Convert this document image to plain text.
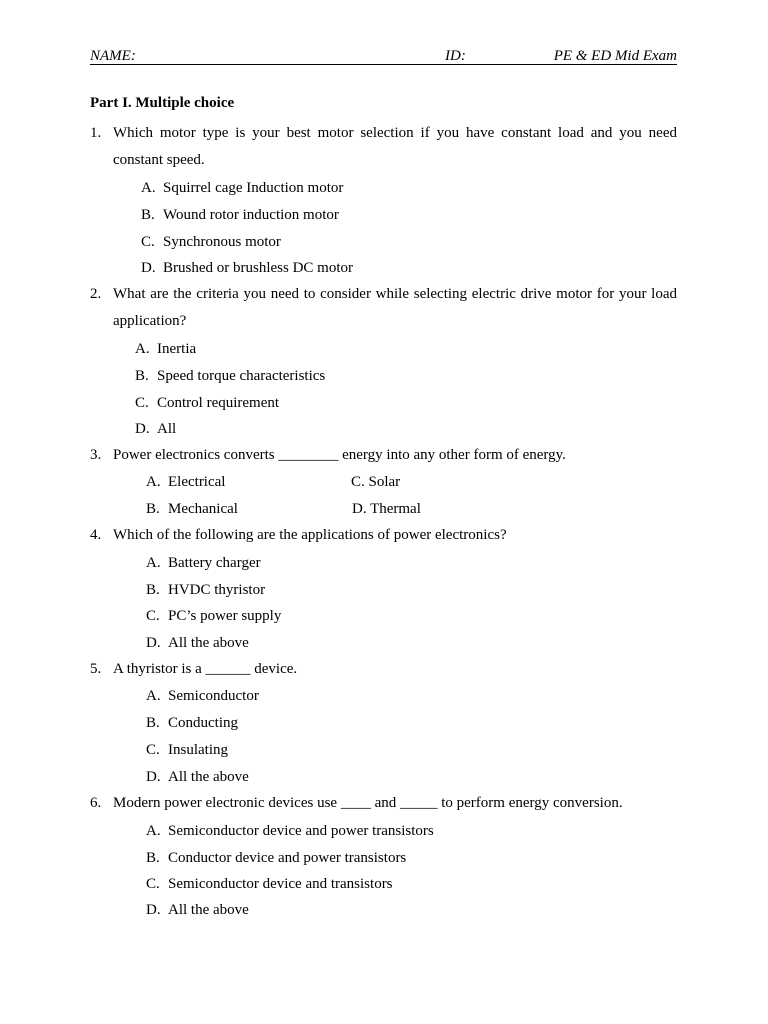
NAME:	ID:	PE & ED Mid Exam
Part I. Multiple choice
1. Which motor type is your best motor selection if you have constant load and you need constant speed.
A. Squirrel cage Induction motor
B. Wound rotor induction motor
C. Synchronous motor
D. Brushed or brushless DC motor
2. What are the criteria you need to consider while selecting electric drive motor for your load application?
A. Inertia
B. Speed torque characteristics
C. Control requirement
D. All
3. Power electronics converts ________ energy into any other form of energy.
A. Electrical	C. Solar
B. Mechanical	D. Thermal
4. Which of the following are the applications of power electronics?
A. Battery charger
B. HVDC thyristor
C. PC’s power supply
D. All the above
5. A thyristor is a ______ device.
A. Semiconductor
B. Conducting
C. Insulating
D. All the above
6. Modern power electronic devices use ____ and _____ to perform energy conversion.
A. Semiconductor device and power transistors
B. Conductor device and power transistors
C. Semiconductor device and transistors
D. All the above
